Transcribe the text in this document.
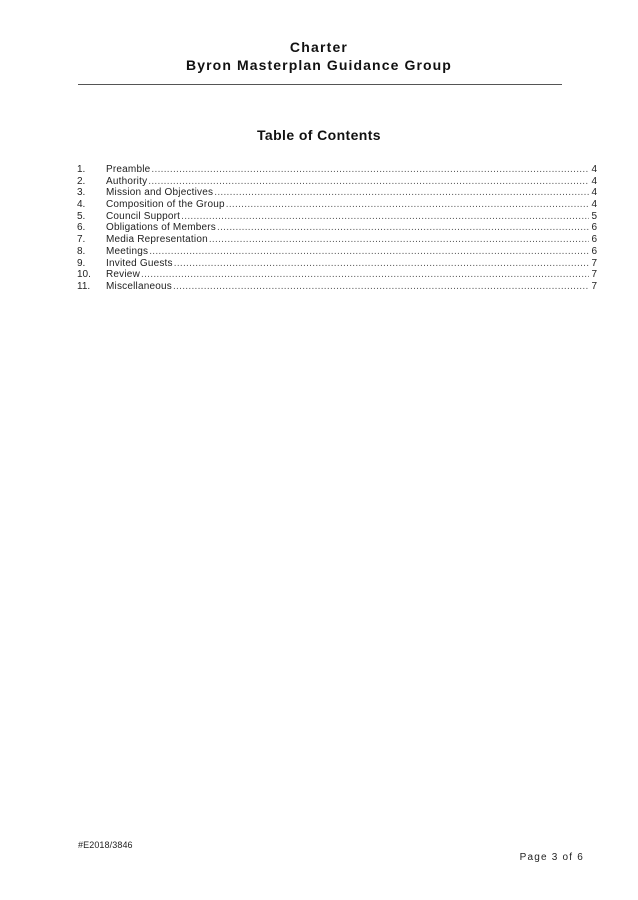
Charter
Byron Masterplan Guidance Group
Table of Contents
1.	Preamble .....	4
2.	Authority .....	4
3.	Mission and Objectives .....	4
4.	Composition of the Group .....	4
5.	Council Support .....	5
6.	Obligations of Members .....	6
7.	Media Representation .....	6
8.	Meetings .....	6
9.	Invited Guests .....	7
10.	Review .....	7
11.	Miscellaneous .....	7
#E2018/3846
Page 3 of 6
